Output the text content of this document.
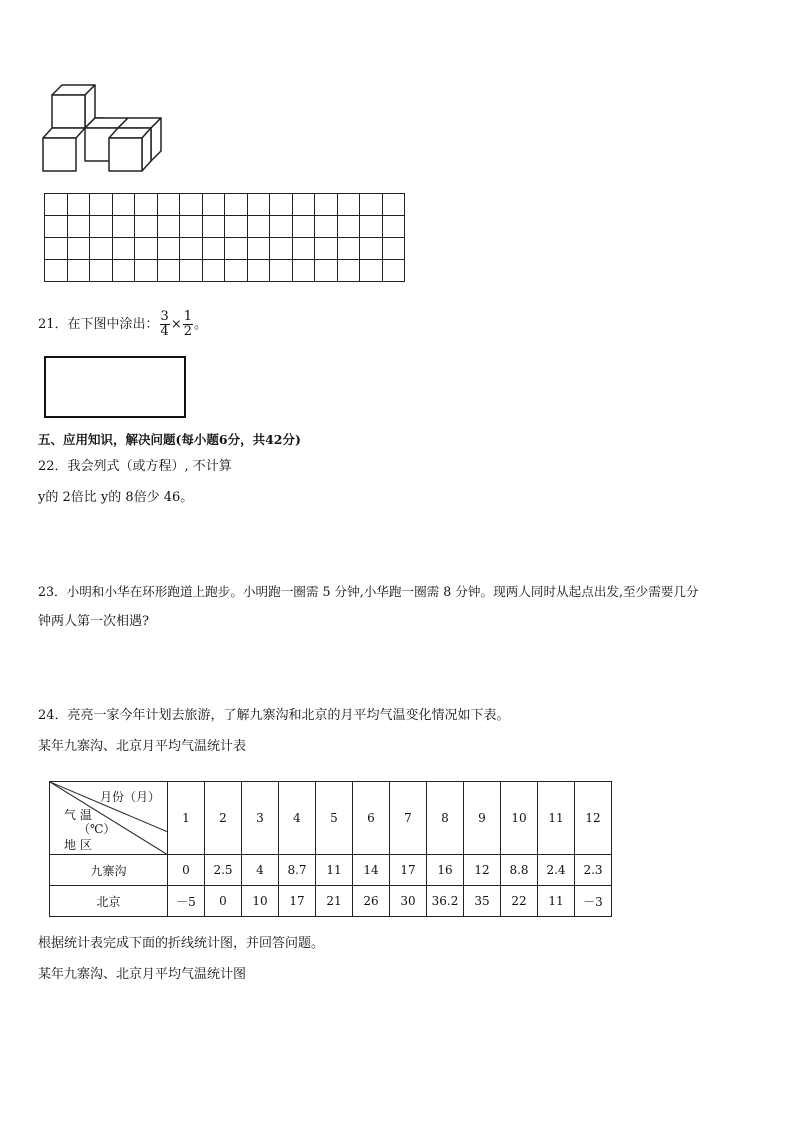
21．在下图中涂出： $\frac{3}{4} \times \frac{1}{2}$ 。
五、应用知识，解决问题(每小题6分，共42分)
22．我会列式（或方程）, 不计算
y的 2倍比 y的 8倍少 46。
23．小明和小华在环形跑道上跑步。小明跑一圈需 5 分钟,小华跑一圈需 8 分钟。现两人同时从起点出发,至少需要几分
钟两人第一次相遇?
24．亮亮一家今年计划去旅游，了解九寨沟和北京的月平均气温变化情况如下表。
某年九寨沟、北京月平均气温统计表
月份（月）
气 温
（℃）
地 区	1	2	3	4	5	6	7	8	9	10	11	12
九寨沟	0	2.5	4	8.7	11	14	17	16	12	8.8	2.4	2.3
北京	－5	0	10	17	21	26	30	36.2	35	22	11	－3
根据统计表完成下面的折线统计图，并回答问题。
某年九寨沟、北京月平均气温统计图
